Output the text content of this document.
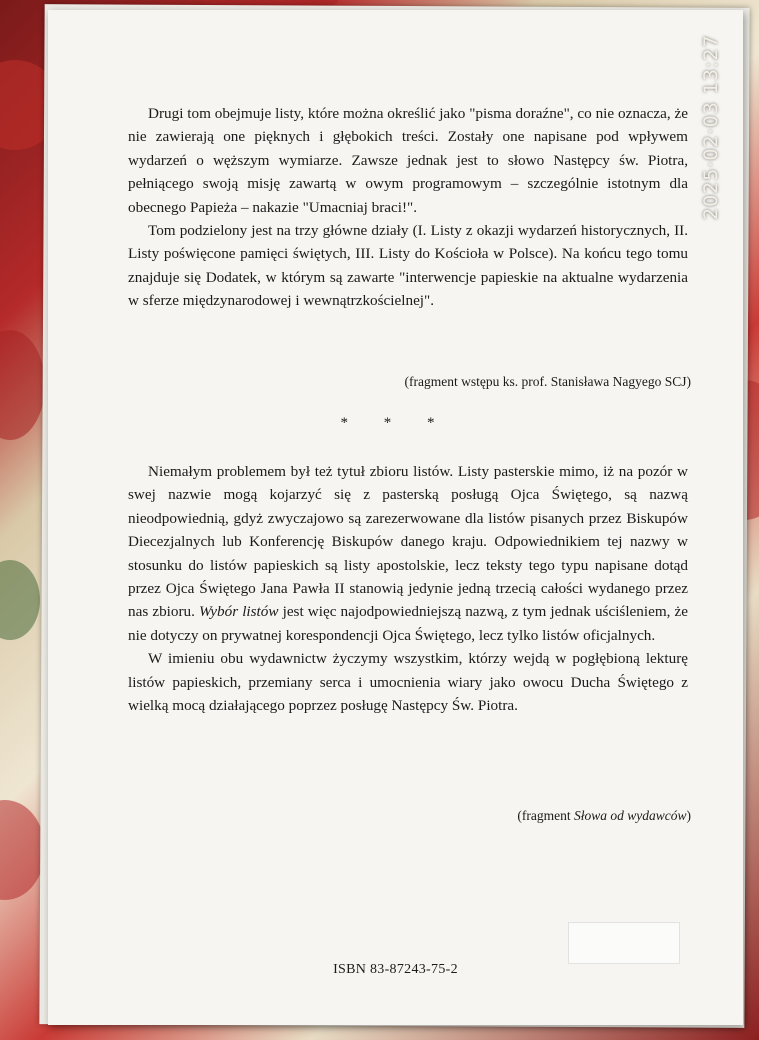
Drugi tom obejmuje listy, które można określić jako "pisma doraźne", co nie oznacza, że nie zawierają one pięknych i głębokich treści. Zostały one napisane pod wpływem wydarzeń o węższym wymiarze. Zawsze jednak jest to słowo Następcy św. Piotra, pełniącego swoją misję zawartą w owym programowym – szczególnie istotnym dla obecnego Papieża – nakazie "Umacniaj braci!".

Tom podzielony jest na trzy główne działy (I. Listy z okazji wydarzeń historycznych, II. Listy poświęcone pamięci świętych, III. Listy do Kościoła w Polsce). Na końcu tego tomu znajduje się Dodatek, w którym są zawarte "interwencje papieskie na aktualne wydarzenia w sferze międzynarodowej i wewnątrzkościelnej".

(fragment wstępu ks. prof. Stanisława Nagyego SCJ)
* * *

Niemałym problemem był też tytuł zbioru listów. Listy pasterskie mimo, iż na pozór w swej nazwie mogą kojarzyć się z pasterską posługą Ojca Świętego, są nazwą nieodpowiednią, gdyż zwyczajowo są zarezerwowane dla listów pisanych przez Biskupów Diecezjalnych lub Konferencję Biskupów danego kraju. Odpowiednikiem tej nazwy w stosunku do listów papieskich są listy apostolskie, lecz teksty tego typu napisane dotąd przez Ojca Świętego Jana Pawła II stanowią jedynie jedną trzecią całości wydanego przez nas zbioru. Wybór listów jest więc najodpowiedniejszą nazwą, z tym jednak uściśleniem, że nie dotyczy on prywatnej korespondencji Ojca Świętego, lecz tylko listów oficjalnych.

W imieniu obu wydawnictw życzymy wszystkim, którzy wejdą w pogłębioną lekturę listów papieskich, przemiany serca i umocnienia wiary jako owocu Ducha Świętego z wielką mocą działającego poprzez posługę Następcy Św. Piotra.

(fragment Słowa od wydawców)
ISBN 83-87243-75-2
2025·02·03 13:27
